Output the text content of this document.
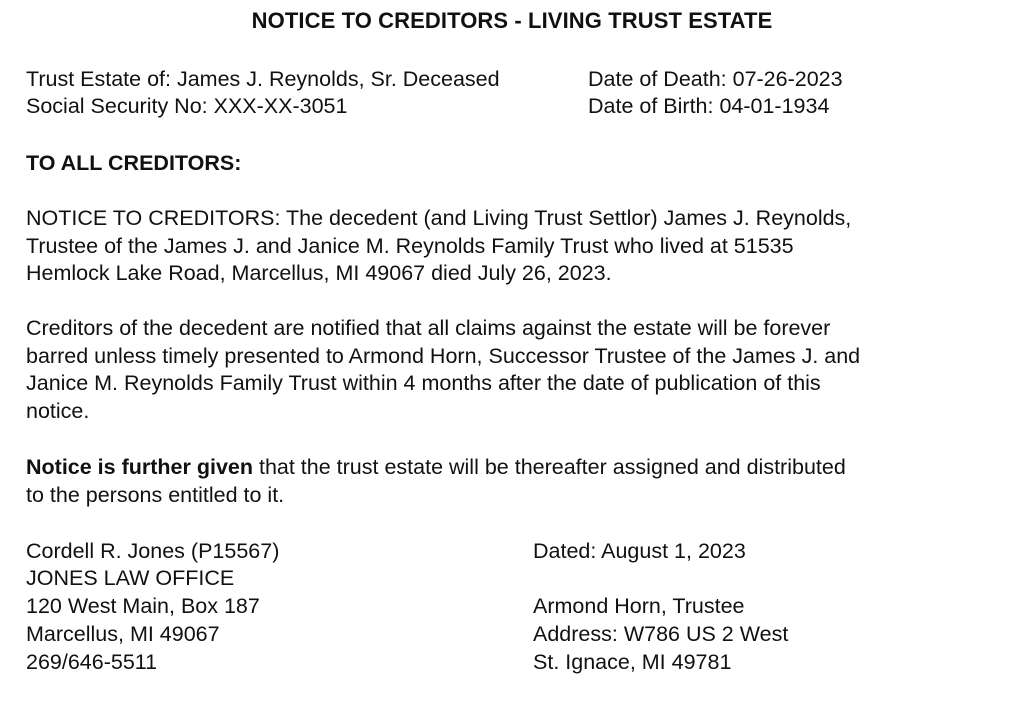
NOTICE TO CREDITORS - LIVING TRUST ESTATE
Trust Estate of: James J. Reynolds, Sr. Deceased
Social Security No: XXX-XX-3051
Date of Death: 07-26-2023
Date of Birth: 04-01-1934
TO ALL CREDITORS:
NOTICE TO CREDITORS: The decedent (and Living Trust Settlor) James J. Reynolds,
Trustee of the James J. and Janice M. Reynolds Family Trust who lived at 51535
Hemlock Lake Road, Marcellus, MI 49067 died July 26, 2023.
Creditors of the decedent are notified that all claims against the estate will be forever
barred unless timely presented to Armond Horn, Successor Trustee of the James J. and
Janice M. Reynolds Family Trust within 4 months after the date of publication of this
notice.
Notice is further given that the trust estate will be thereafter assigned and distributed
to the persons entitled to it.
Cordell R. Jones (P15567)
JONES LAW OFFICE
120 West Main, Box 187
Marcellus, MI 49067
269/646-5511
Dated: August 1, 2023
Armond Horn, Trustee
Address: W786 US 2 West
St. Ignace, MI 49781
